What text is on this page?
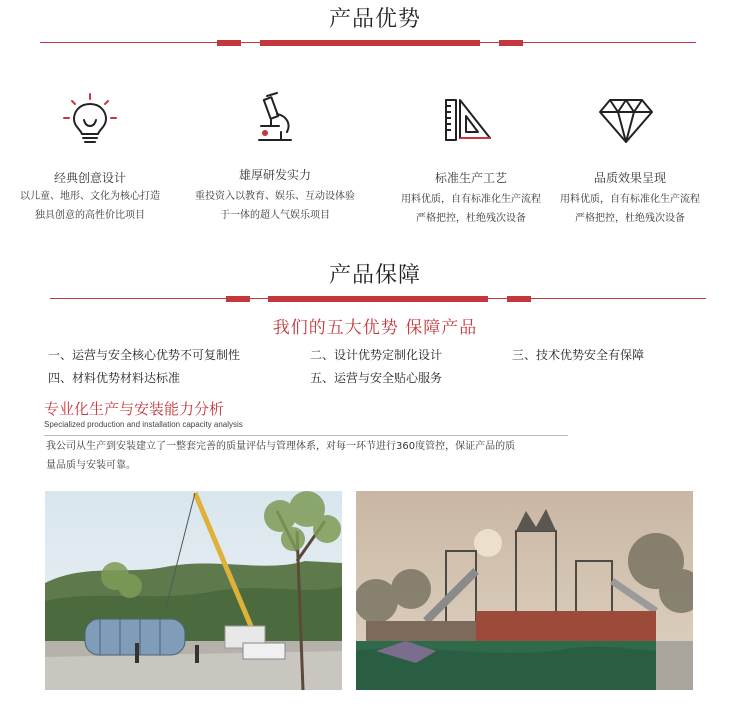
产品优势
经典创意设计
以儿童、地形、文化为核心打造
独具创意的高性价比项目
雄厚研发实力
重投资入以教育、娱乐、互动设体验
于一体的超人气娱乐项目
标准生产工艺
用料优质，自有标准化生产流程
严格把控，杜绝残次设备
品质效果呈现
用料优质，自有标准化生产流程
严格把控，杜绝残次设备
产品保障
我们的五大优势 保障产品
一、运营与安全核心优势不可复制性	二、设计优势定制化设计	三、技术优势安全有保障
四、材料优势材料达标准	五、运营与安全贴心服务
专业化生产与安装能力分析
Specialized production and installation capacity analysis
我公司从生产到安装建立了一整套完善的质量评估与管理体系，对每一环节进行360度管控，保证产品的质
量品质与安装可靠。
